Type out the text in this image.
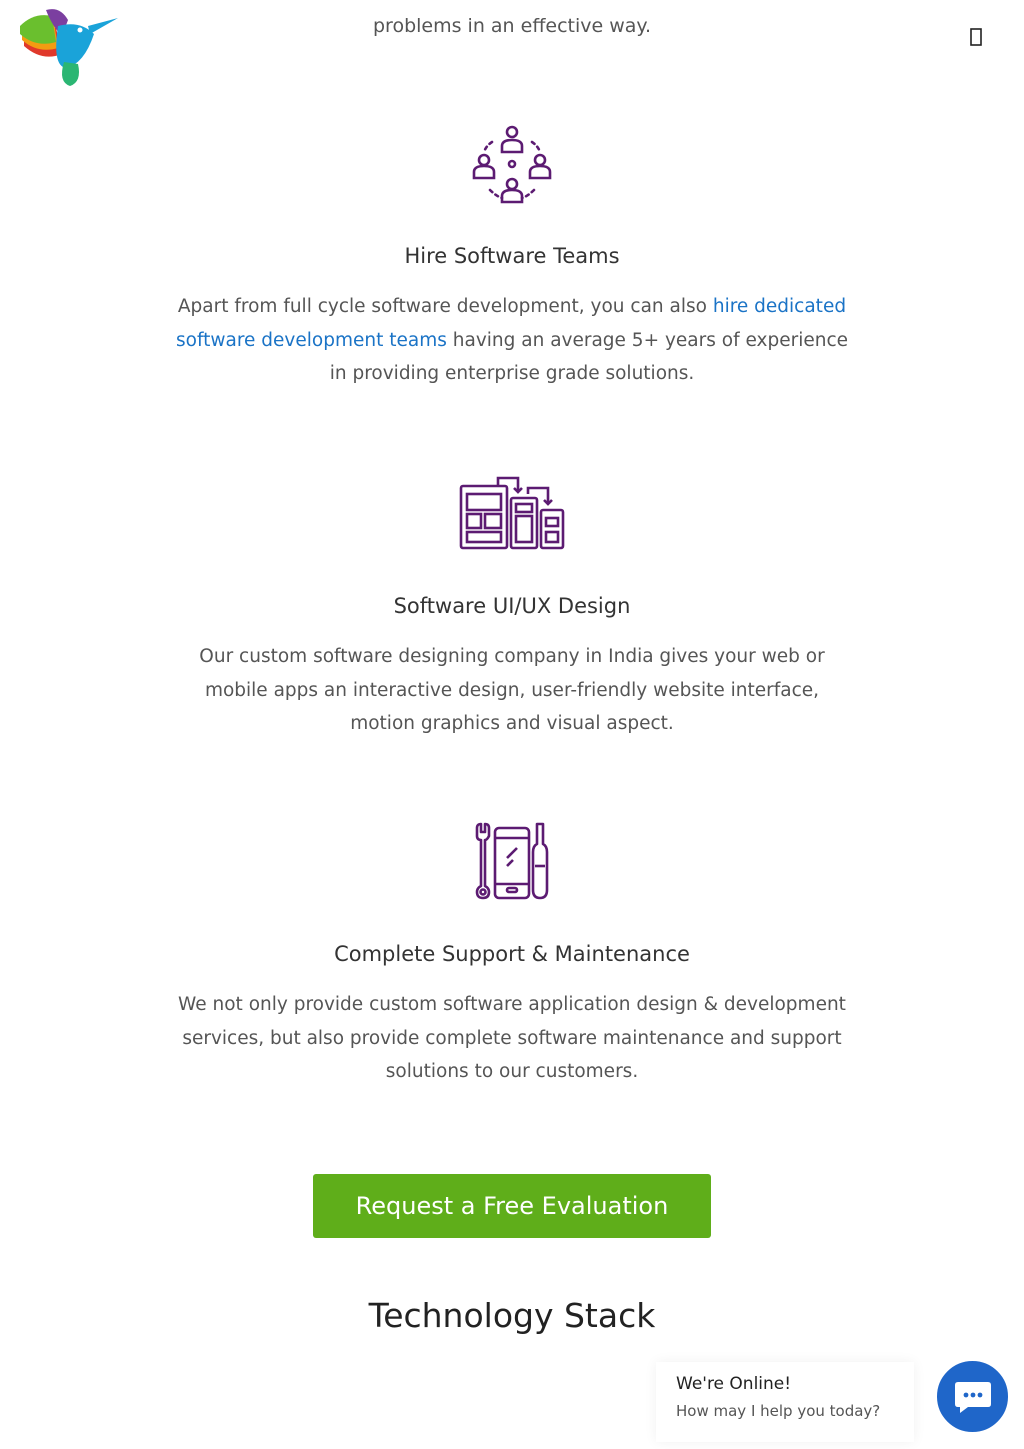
problems in an effective way.
Hire Software Teams

Apart from full cycle software development, you can also hire dedicated software development teams having an average 5+ years of experience in providing enterprise grade solutions.

Software UI/UX Design

Our custom software designing company in India gives your web or mobile apps an interactive design, user-friendly website interface, motion graphics and visual aspect.

Complete Support & Maintenance

We not only provide custom software application design & development services, but also provide complete software maintenance and support solutions to our customers.

Request a Free Evaluation
Technology Stack
We're Online!
How may I help you today?
